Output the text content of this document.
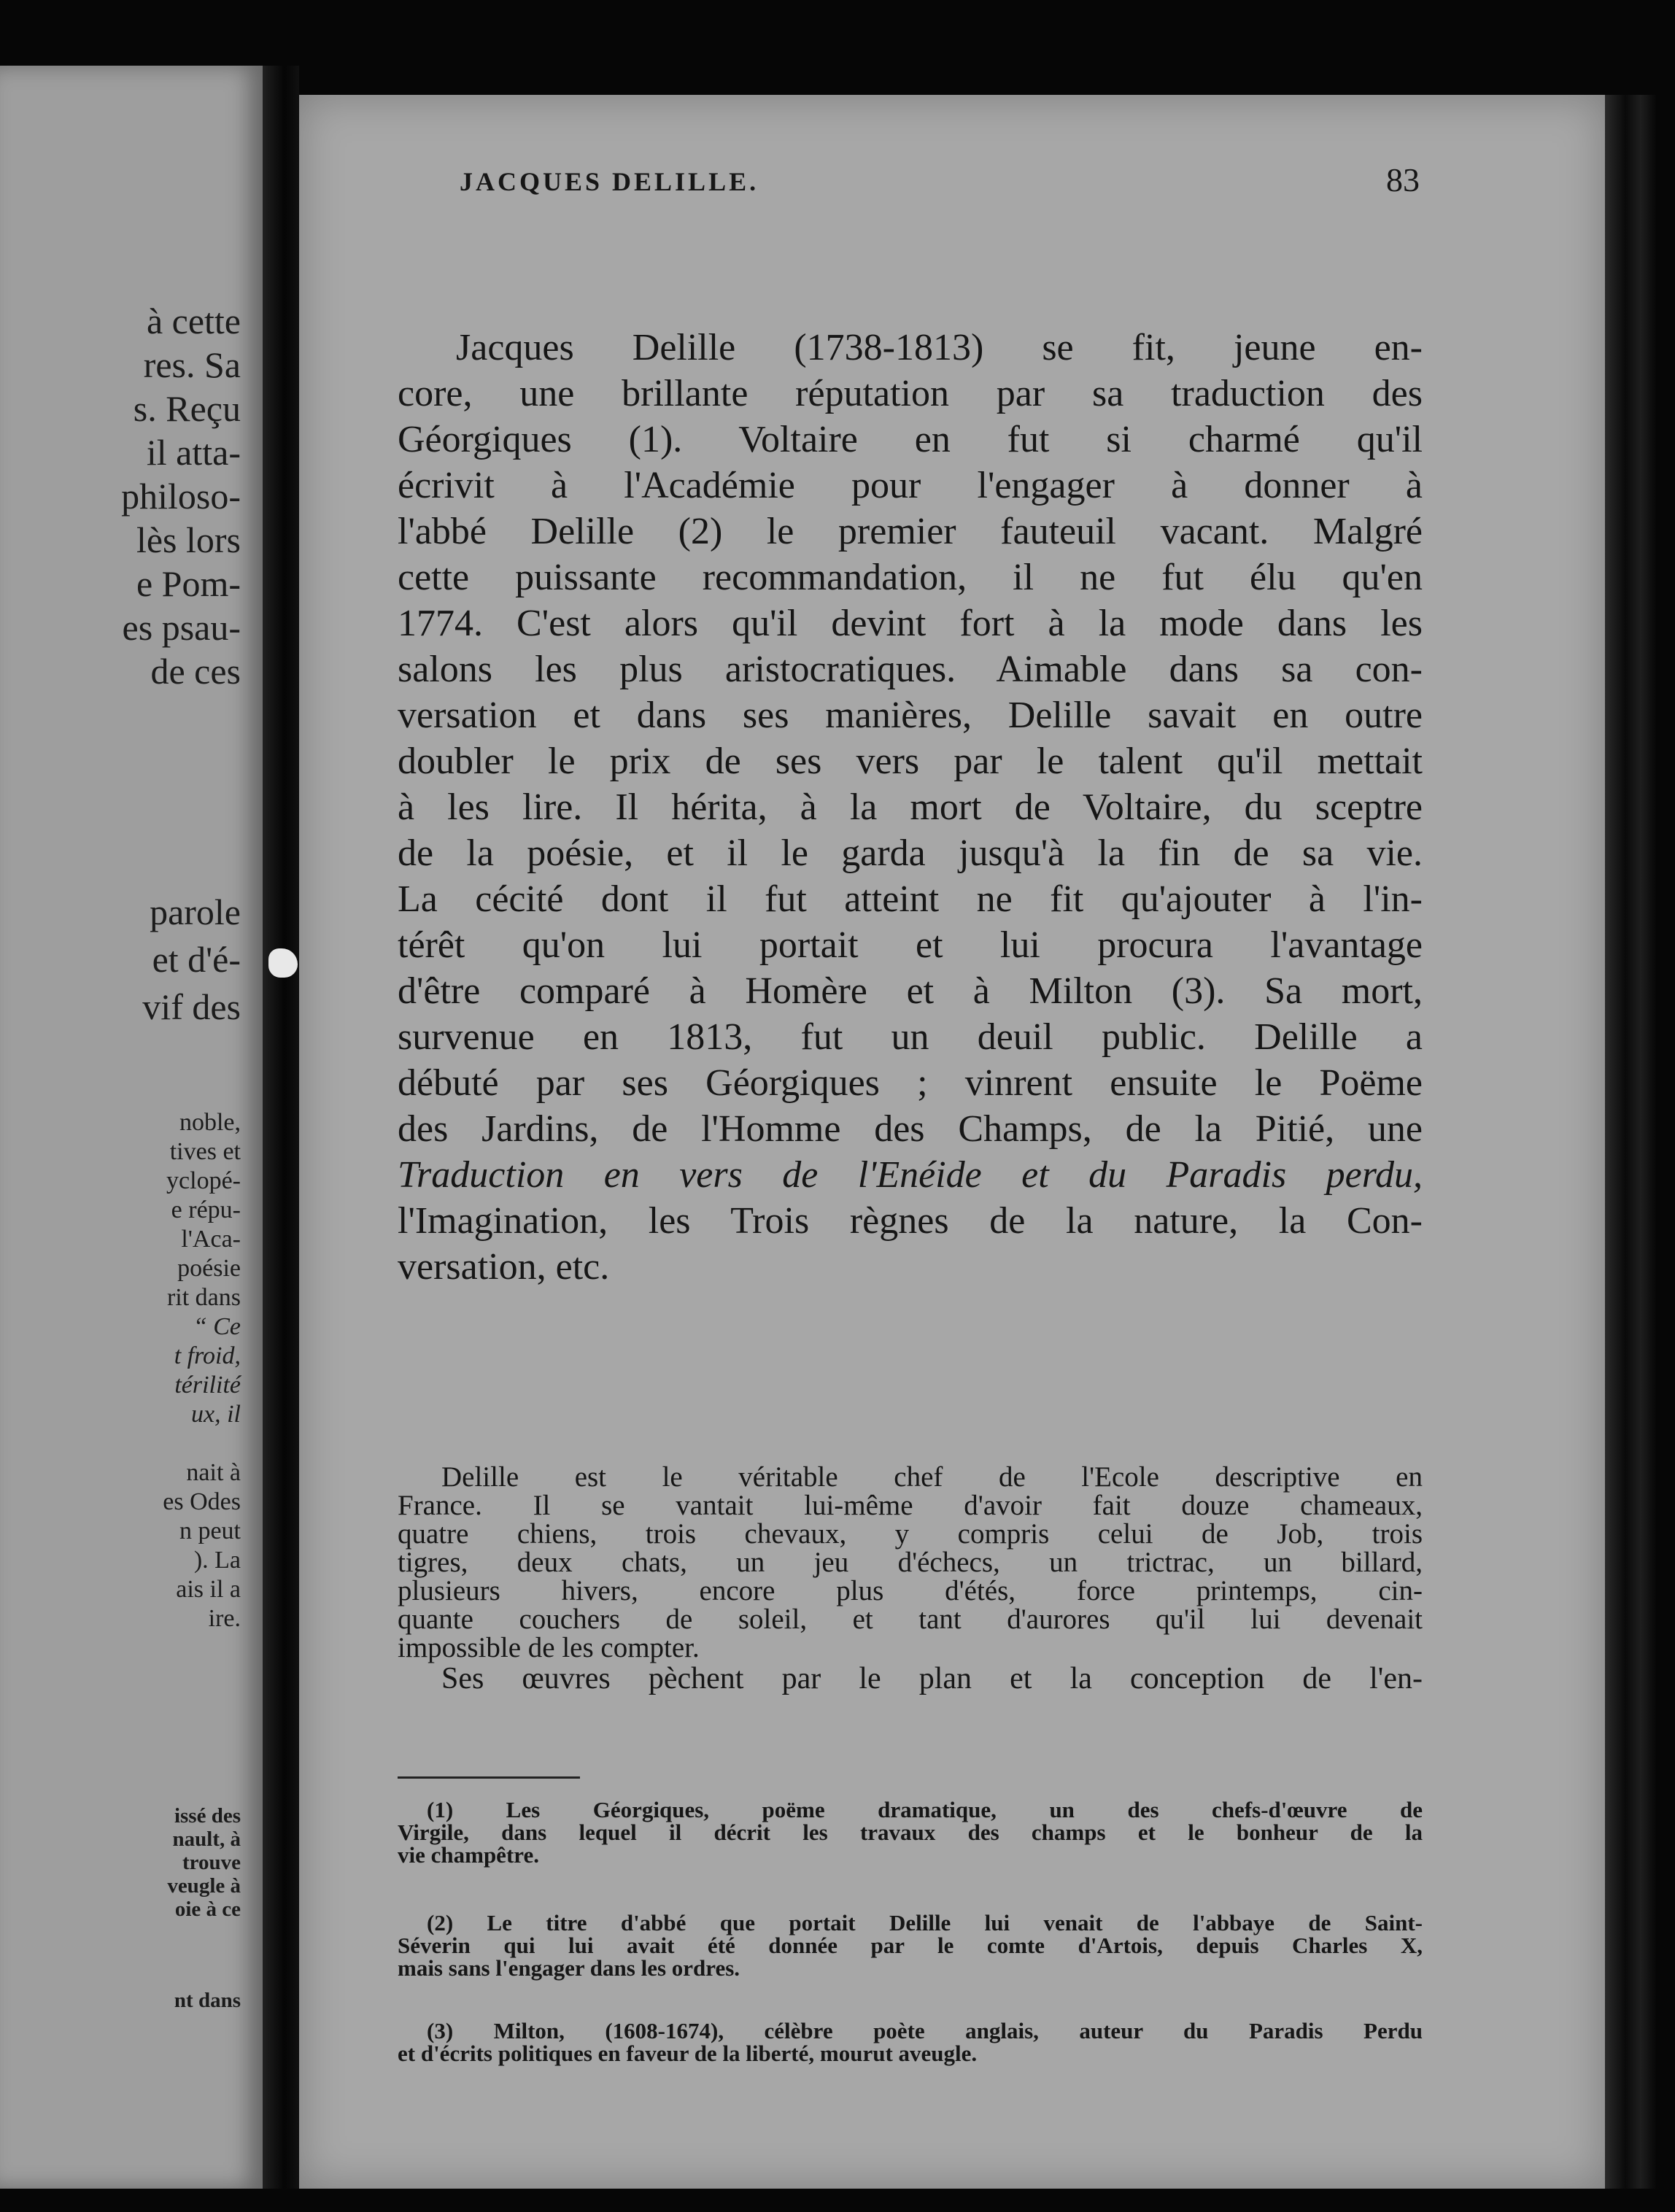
à cette
res. Sa
s. Reçu
il atta-
philoso-
lès lors
e Pom-
es psau-
de ces
parole
et d'é-
vif des
noble,
tives et
yclopé-
e répu-
l'Aca-
poésie
rit dans
“ Ce
t froid,
térilité
ux, il
nait à
es Odes
n peut
). La
ais il a
ire.
issé des
nault, à
trouve
veugle à
oie à ce
nt dans
JACQUES DELILLE.	83
Jacques Delille (1738-1813) se fit, jeune en-
core, une brillante réputation par sa traduction des
Géorgiques (1). Voltaire en fut si charmé qu'il
écrivit à l'Académie pour l'engager à donner à
l'abbé Delille (2) le premier fauteuil vacant. Malgré
cette puissante recommandation, il ne fut élu qu'en
1774. C'est alors qu'il devint fort à la mode dans les
salons les plus aristocratiques. Aimable dans sa con-
versation et dans ses manières, Delille savait en outre
doubler le prix de ses vers par le talent qu'il mettait
à les lire. Il hérita, à la mort de Voltaire, du sceptre
de la poésie, et il le garda jusqu'à la fin de sa vie.
La cécité dont il fut atteint ne fit qu'ajouter à l'in-
térêt qu'on lui portait et lui procura l'avantage
d'être comparé à Homère et à Milton (3). Sa mort,
survenue en 1813, fut un deuil public. Delille a
débuté par ses Géorgiques ; vinrent ensuite le Poëme
des Jardins, de l'Homme des Champs, de la Pitié, une
Traduction en vers de l'Enéide et du Paradis perdu,
l'Imagination, les Trois règnes de la nature, la Con-
versation, etc.
Delille est le véritable chef de l'Ecole descriptive en
France. Il se vantait lui-même d'avoir fait douze chameaux,
quatre chiens, trois chevaux, y compris celui de Job, trois
tigres, deux chats, un jeu d'échecs, un trictrac, un billard,
plusieurs hivers, encore plus d'étés, force printemps, cin-
quante couchers de soleil, et tant d'aurores qu'il lui devenait
impossible de les compter.
Ses œuvres pèchent par le plan et la conception de l'en-
(1) Les Géorgiques, poëme dramatique, un des chefs-d'œuvre de
Virgile, dans lequel il décrit les travaux des champs et le bonheur de la
vie champêtre.
(2) Le titre d'abbé que portait Delille lui venait de l'abbaye de Saint-
Séverin qui lui avait été donnée par le comte d'Artois, depuis Charles X,
mais sans l'engager dans les ordres.
(3) Milton, (1608-1674), célèbre poète anglais, auteur du Paradis Perdu
et d'écrits politiques en faveur de la liberté, mourut aveugle.
